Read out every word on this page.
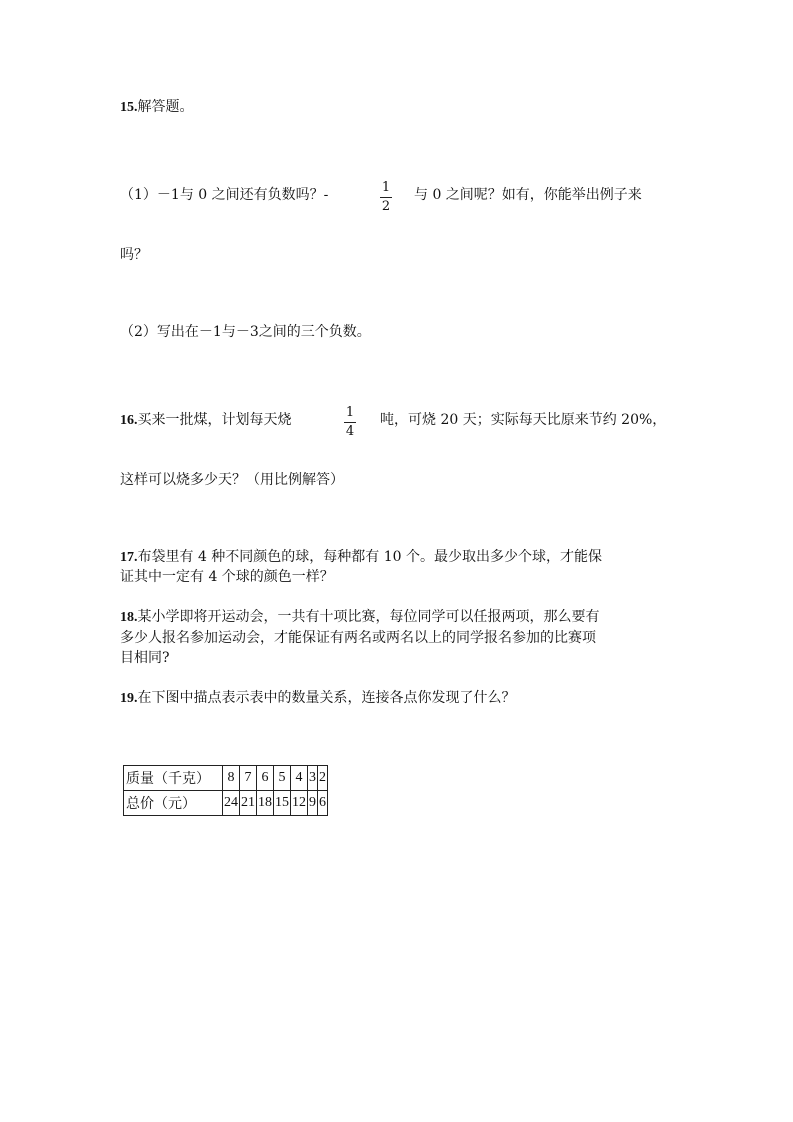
15.解答题。
（1）－1与 0 之间还有负数吗？-	1
2
与 0 之间呢？如有，你能举出例子来
吗？
（2）写出在－1与－3之间的三个负数。
16.买来一批煤，计划每天烧	1
4
吨，可烧 20 天；实际每天比原来节约 20%，
这样可以烧多少天？（用比例解答）
17.布袋里有 4 种不同颜色的球，每种都有 10 个。最少取出多少个球，才能保
证其中一定有 4 个球的颜色一样？
18.某小学即将开运动会，一共有十项比赛，每位同学可以任报两项，那么要有
多少人报名参加运动会，才能保证有两名或两名以上的同学报名参加的比赛项
目相同?
19.在下图中描点表示表中的数量关系，连接各点你发现了什么？
质量（千克）	8	7	6	5	4	3	2
总价（元）	24	21	18	15	12	9	6
